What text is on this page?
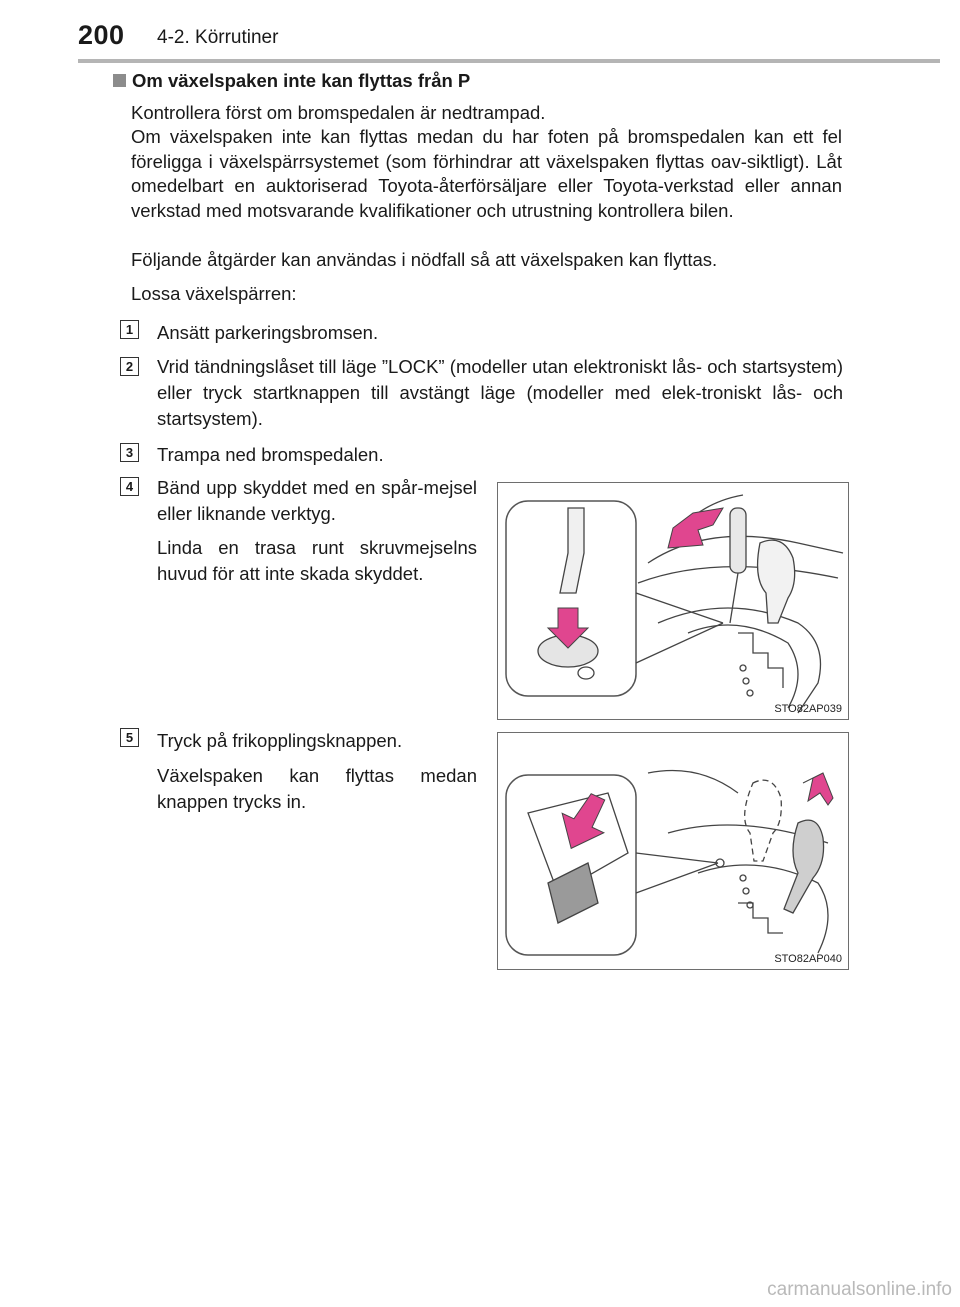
200 4-2. Körrutiner
Om växelspaken inte kan flyttas från P
Kontrollera först om bromspedalen är nedtrampad.
Om växelspaken inte kan flyttas medan du har foten på bromspedalen kan ett fel föreligga i växelspärrsystemet (som förhindrar att växelspaken flyttas oav-siktligt). Låt omedelbart en auktoriserad Toyota-återförsäljare eller Toyota-verkstad eller annan verkstad med motsvarande kvalifikationer och utrustning kontrollera bilen.
Följande åtgärder kan användas i nödfall så att växelspaken kan flyttas.
Lossa växelspärren:
1	Ansätt parkeringsbromsen.
2	Vrid tändningslåset till läge ”LOCK” (modeller utan elektroniskt lås- och startsystem) eller tryck startknappen till avstängt läge (modeller med elek-troniskt lås- och startsystem).
3	Trampa ned bromspedalen.
4	Bänd upp skyddet med en spår-mejsel eller liknande verktyg.
Linda en trasa runt skruvmejselns huvud för att inte skada skyddet.
STO82AP039
5	Tryck på frikopplingsknappen.
Växelspaken kan flyttas medan knappen trycks in.
STO82AP040
carmanualsonline.info
